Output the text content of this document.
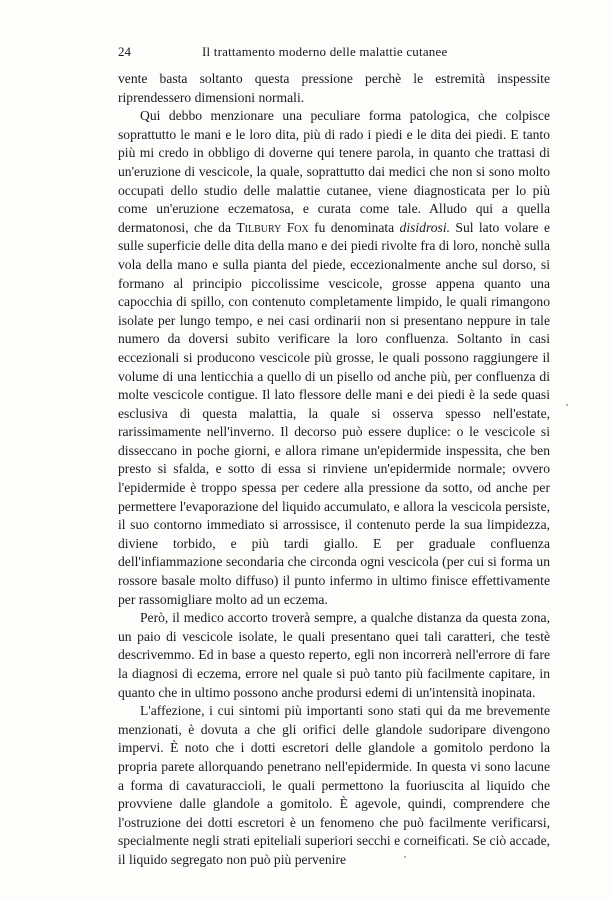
24	Il trattamento moderno delle malattie cutanee

vente basta soltanto questa pressione perchè le estremità inspessite riprendessero dimensioni normali.

Qui debbo menzionare una peculiare forma patologica, che colpisce soprattutto le mani e le loro dita, più di rado i piedi e le dita dei piedi. E tanto più mi credo in obbligo di doverne qui tenere parola, in quanto che trattasi di un'eruzione di vescicole, la quale, soprattutto dai medici che non si sono molto occupati dello studio delle malattie cutanee, viene diagnosticata per lo più come un'eruzione eczematosa, e curata come tale. Alludo qui a quella dermatonosi, che da Tilbury Fox fu denominata disidrosi. Sul lato volare e sulle superficie delle dita della mano e dei piedi rivolte fra di loro, nonchè sulla vola della mano e sulla pianta del piede, eccezionalmente anche sul dorso, si formano al principio piccolissime vescicole, grosse appena quanto una capocchia di spillo, con contenuto completamente limpido, le quali rimangono isolate per lungo tempo, e nei casi ordinarii non si presentano neppure in tale numero da doversi subito verificare la loro confluenza. Soltanto in casi eccezionali si producono vescicole più grosse, le quali possono raggiungere il volume di una lenticchia a quello di un pisello od anche più, per confluenza di molte vescicole contigue. Il lato flessore delle mani e dei piedi è la sede quasi esclusiva di questa malattia, la quale si osserva spesso nell'estate, rarissimamente nell'inverno. Il decorso può essere duplice: o le vescicole si disseccano in poche giorni, e allora rimane un'epidermide inspessita, che ben presto si sfalda, e sotto di essa si rinviene un'epidermide normale; ovvero l'epidermide è troppo spessa per cedere alla pressione da sotto, od anche per permettere l'evaporazione del liquido accumulato, e allora la vescicola persiste, il suo contorno immediato si arrossisce, il contenuto perde la sua limpidezza, diviene torbido, e più tardi giallo. E per graduale confluenza dell'infiammazione secondaria che circonda ogni vescicola (per cui si forma un rossore basale molto diffuso) il punto infermo in ultimo finisce effettivamente per rassomigliare molto ad un eczema.

Però, il medico accorto troverà sempre, a qualche distanza da questa zona, un paio di vescicole isolate, le quali presentano quei tali caratteri, che testè descrivemmo. Ed in base a questo reperto, egli non incorrerà nell'errore di fare la diagnosi di eczema, errore nel quale si può tanto più facilmente capitare, in quanto che in ultimo possono anche prodursi edemi di un'intensità inopinata.

L'affezione, i cui sintomi più importanti sono stati qui da me brevemente menzionati, è dovuta a che gli orifici delle glandole sudoripare divengono impervi. È noto che i dotti escretori delle glandole a gomitolo perdono la propria parete allorquando penetrano nell'epidermide. In questa vi sono lacune a forma di cavaturaccioli, le quali permettono la fuoriuscita al liquido che provviene dalle glandole a gomitolo. È agevole, quindi, comprendere che l'ostruzione dei dotti escretori è un fenomeno che può facilmente verificarsi, specialmente negli strati epiteliali superiori secchi e corneificati. Se ciò accade, il liquido segregato non può più pervenire
